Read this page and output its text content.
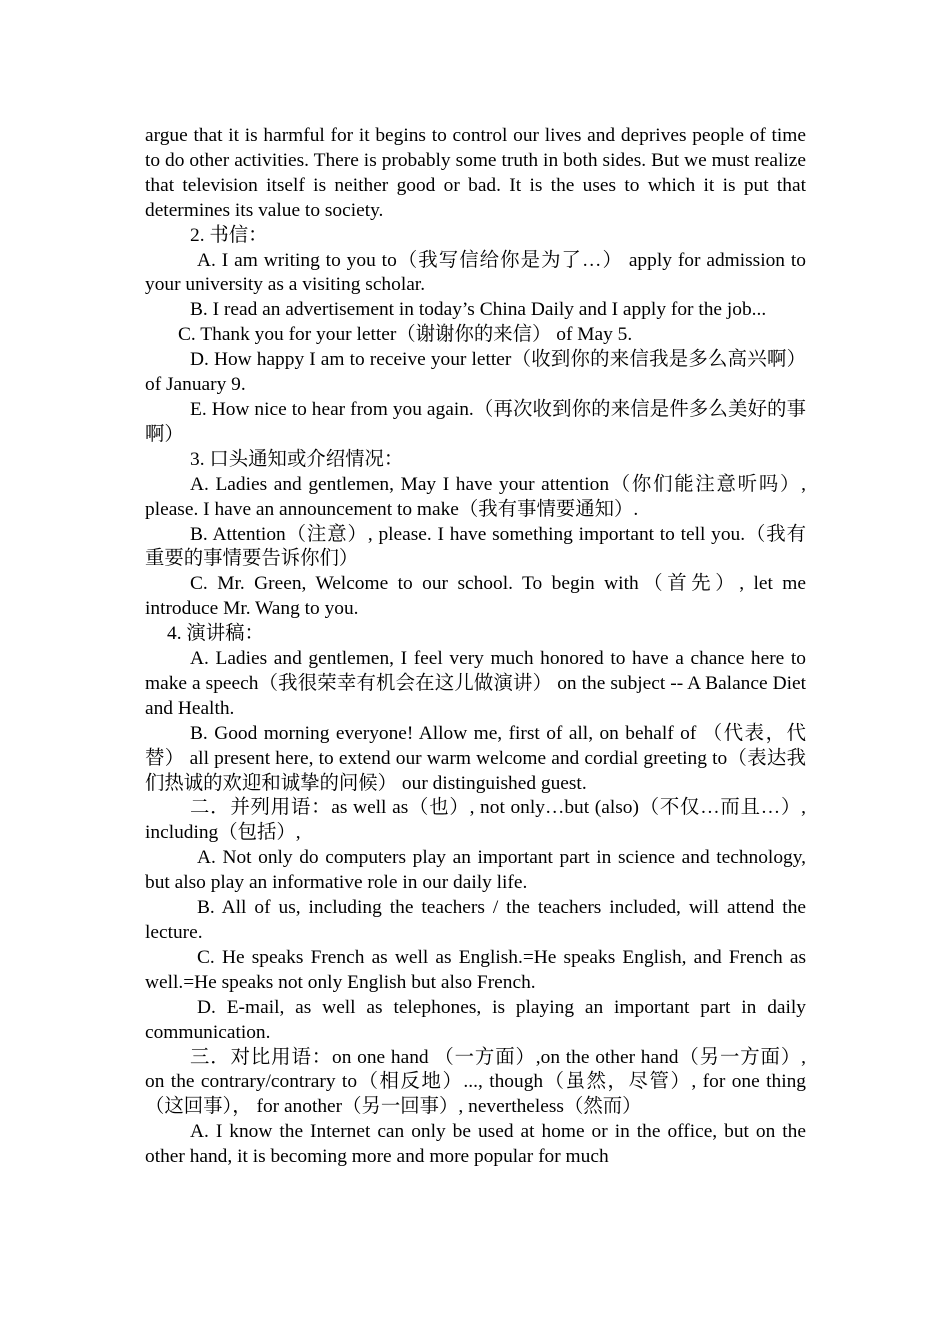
argue that it is harmful for it begins to control our lives and deprives people of time to do other activities. There is probably some truth in both sides. But we must realize that television itself is neither good or bad. It is the uses to which it is put that determines its value to society.

2. 书信：

A. I am writing to you to（我写信给你是为了…） apply for admission to your university as a visiting scholar.

B. I read an advertisement in today’s China Daily and I apply for the job...

C. Thank you for your letter（谢谢你的来信） of May 5.

D. How happy I am to receive your letter（收到你的来信我是多么高兴啊） of January 9.

E. How nice to hear from you again.（再次收到你的来信是件多么美好的事啊）

3. 口头通知或介绍情况：

A. Ladies and gentlemen, May I have your attention（你们能注意听吗）, please. I have an announcement to make（我有事情要通知）.

B. Attention（注意）, please. I have something important to tell you.（我有重要的事情要告诉你们）

C. Mr. Green, Welcome to our school. To begin with（首先）, let me introduce Mr. Wang to you.

4. 演讲稿：

A. Ladies and gentlemen, I feel very much honored to have a chance here to make a speech（我很荣幸有机会在这儿做演讲） on the subject -- A Balance Diet and Health.

B. Good morning everyone! Allow me, first of all, on behalf of （代表，代替） all present here, to extend our warm welcome and cordial greeting to（表达我们热诚的欢迎和诚挚的问候） our distinguished guest.

二．并列用语：as well as（也）, not only…but (also)（不仅…而且…）, including（包括）,

A. Not only do computers play an important part in science and technology, but also play an informative role in our daily life.

B. All of us, including the teachers / the teachers included, will attend the lecture.

C. He speaks French as well as English.=He speaks English, and French as well.=He speaks not only English but also French.

D. E-mail, as well as telephones, is playing an important part in daily communication.

三．对比用语：on one hand （一方面）,on the other hand（另一方面）, on the contrary/contrary to（相反地）..., though（虽然，尽管）, for one thing （这回事）， for another（另一回事）, nevertheless（然而）

A. I know the Internet can only be used at home or in the office, but on the other hand, it is becoming more and more popular for much
